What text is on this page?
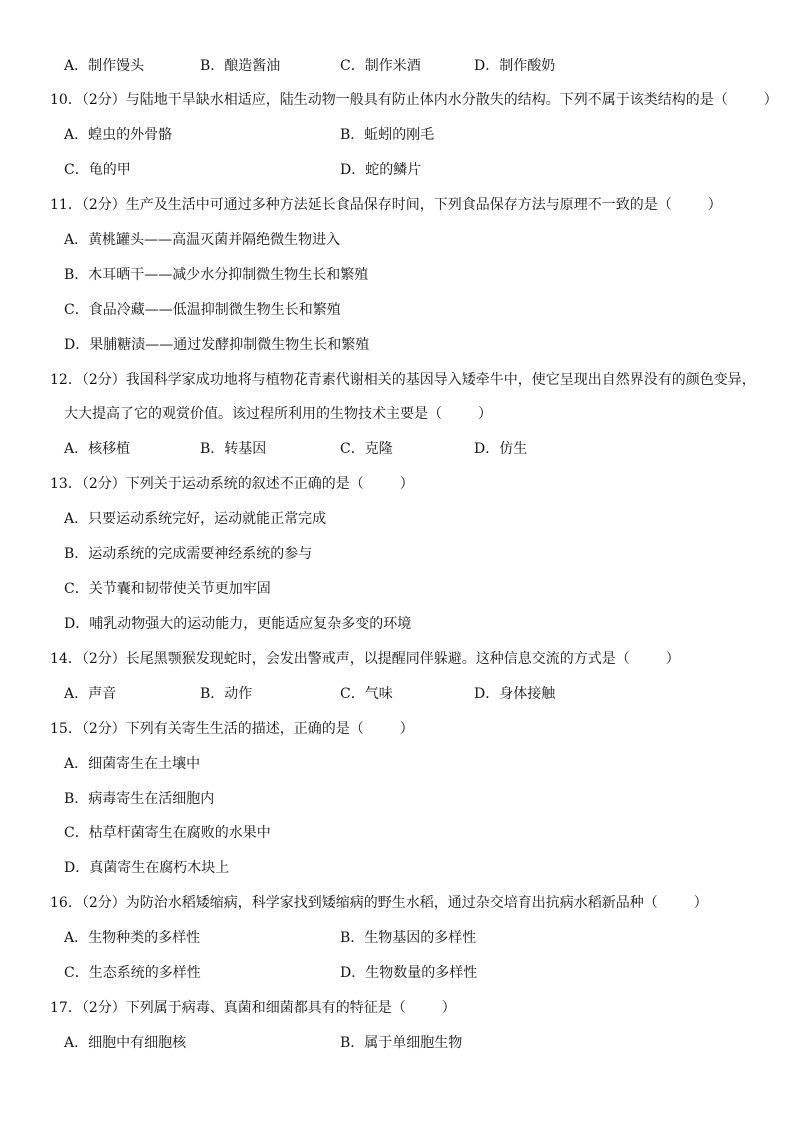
A．制作馒头	B．酿造酱油	C．制作米酒	D．制作酸奶
10．（2分）与陆地干旱缺水相适应，陆生动物一般具有防止体内水分散失的结构。下列不属于该类结构的是（	）
A．蝗虫的外骨骼	B．蚯蚓的刚毛
C．龟的甲	D．蛇的鳞片
11．（2分）生产及生活中可通过多种方法延长食品保存时间，下列食品保存方法与原理不一致的是（	）
A．黄桃罐头——高温灭菌并隔绝微生物进入
B．木耳晒干——减少水分抑制微生物生长和繁殖
C．食品冷藏——低温抑制微生物生长和繁殖
D．果脯糖渍——通过发酵抑制微生物生长和繁殖
12．（2分）我国科学家成功地将与植物花青素代谢相关的基因导入矮牵牛中，使它呈现出自然界没有的颜色变异，
大大提高了它的观赏价值。该过程所利用的生物技术主要是（	）
A．核移植	B．转基因	C．克隆	D．仿生
13．（2分）下列关于运动系统的叙述不正确的是（	）
A．只要运动系统完好，运动就能正常完成
B．运动系统的完成需要神经系统的参与
C．关节囊和韧带使关节更加牢固
D．哺乳动物强大的运动能力，更能适应复杂多变的环境
14．（2分）长尾黑颚猴发现蛇时，会发出警戒声，以提醒同伴躲避。这种信息交流的方式是（	）
A．声音	B．动作	C．气味	D．身体接触
15．（2分）下列有关寄生生活的描述，正确的是（	）
A．细菌寄生在土壤中
B．病毒寄生在活细胞内
C．枯草杆菌寄生在腐败的水果中
D．真菌寄生在腐朽木块上
16．（2分）为防治水稻矮缩病，科学家找到矮缩病的野生水稻，通过杂交培育出抗病水稻新品种（	）
A．生物种类的多样性	B．生物基因的多样性
C．生态系统的多样性	D．生物数量的多样性
17．（2分）下列属于病毒、真菌和细菌都具有的特征是（	）
A．细胞中有细胞核	B．属于单细胞生物
